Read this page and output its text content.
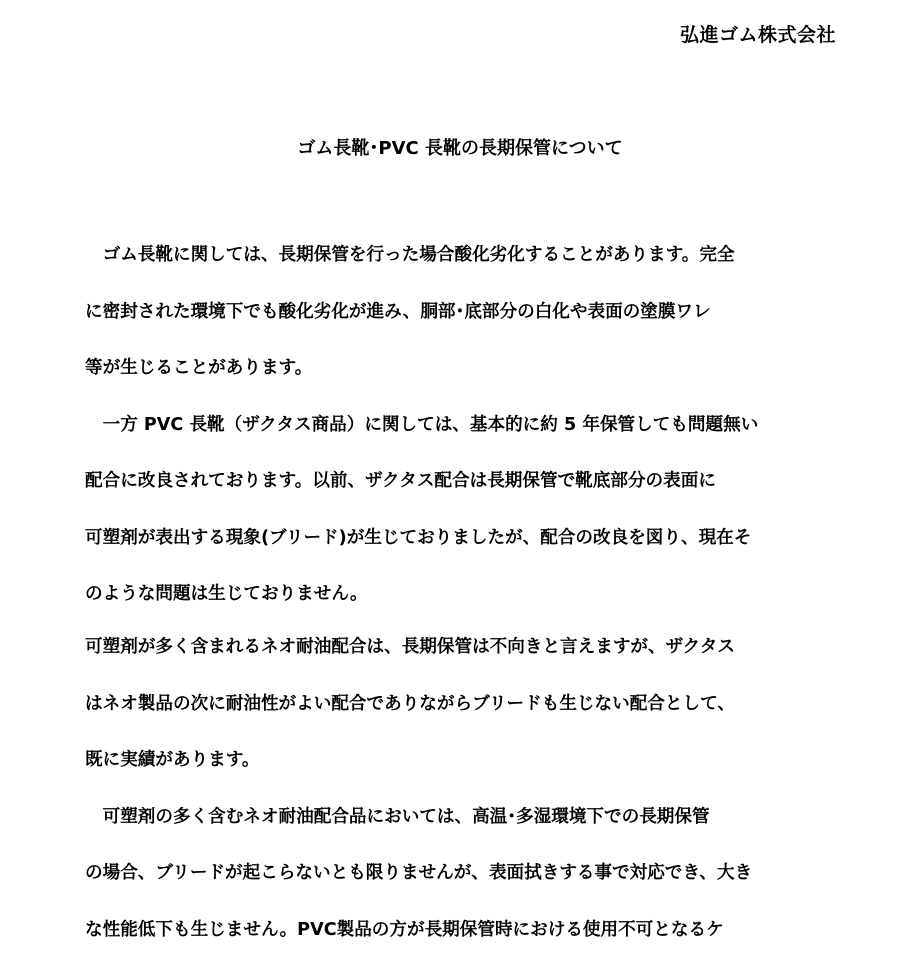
弘進ゴム株式会社
ゴム長靴･PVC 長靴の長期保管について
　ゴム長靴に関しては、長期保管を行った場合酸化劣化することがあります。完全
に密封された環境下でも酸化劣化が進み、胴部･底部分の白化や表面の塗膜ワレ
等が生じることがあります。
　一方 PVC 長靴（ザクタス商品）に関しては、基本的に約 5 年保管しても問題無い
配合に改良されております。以前、ザクタス配合は長期保管で靴底部分の表面に
可塑剤が表出する現象(ブリード)が生じておりましたが、配合の改良を図り、現在そ
のような問題は生じておりません。
可塑剤が多く含まれるネオ耐油配合は、長期保管は不向きと言えますが、ザクタス
はネオ製品の次に耐油性がよい配合でありながらブリードも生じない配合として、
既に実績があります。
　可塑剤の多く含むネオ耐油配合品においては、高温･多湿環境下での長期保管
の場合、ブリードが起こらないとも限りませんが、表面拭きする事で対応でき、大き
な性能低下も生じません。PVC製品の方が長期保管時における使用不可となるケ
